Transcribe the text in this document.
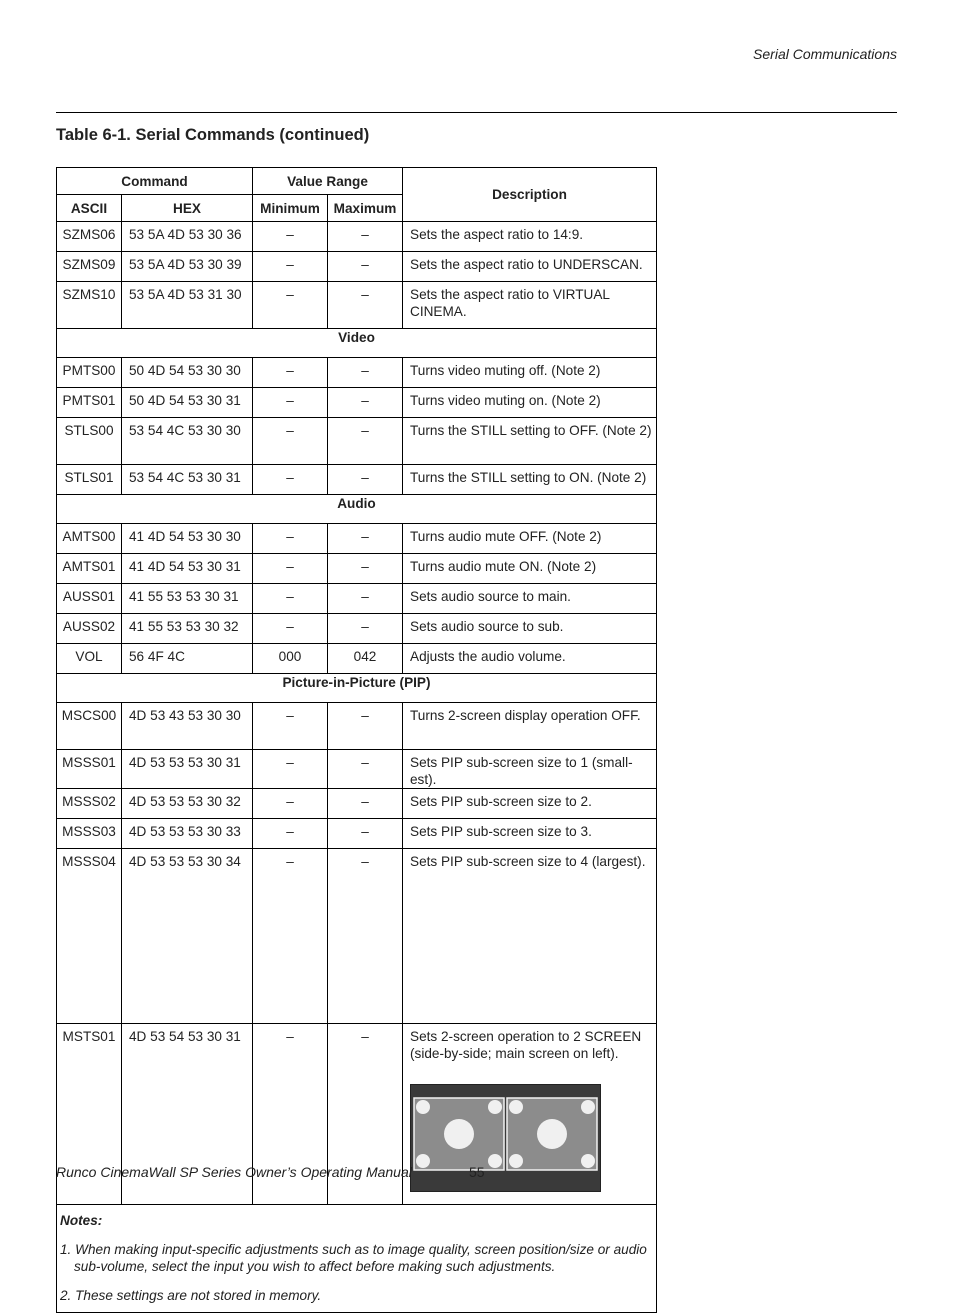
Serial Communications
Table 6-1. Serial Commands (continued)
Command		Value Range		Description
ASCII	HEX	Minimum	Maximum	

SZMS06	53 5A 4D 53 30 36	–	–	Sets the aspect ratio to 14:9.

SZMS09	53 5A 4D 53 30 39	–	–	Sets the aspect ratio to UNDERSCAN.

SZMS10	53 5A 4D 53 31 30	–	–	Sets the aspect ratio to VIRTUAL CINEMA.

Video				

PMTS00	50 4D 54 53 30 30	–	–	Turns video muting off. (Note 2)

PMTS01	50 4D 54 53 30 31	–	–	Turns video muting on. (Note 2)

STLS00	53 54 4C 53 30 30	–	–	Turns the STILL setting to OFF. (Note 2)

STLS01	53 54 4C 53 30 31	–	–	Turns the STILL setting to ON. (Note 2)

Audio				

AMTS00	41 4D 54 53 30 30	–	–	Turns audio mute OFF. (Note 2)

AMTS01	41 4D 54 53 30 31	–	–	Turns audio mute ON. (Note 2)

AUSS01	41 55 53 53 30 31	–	–	Sets audio source to main.

AUSS02	41 55 53 53 30 32	–	–	Sets audio source to sub.

VOL	56 4F 4C	000	042	Adjusts the audio volume.

Picture-in-Picture (PIP)				

MSCS00	4D 53 43 53 30 30	–	–	Turns 2-screen display operation OFF.

MSSS01	4D 53 53 53 30 31	–	–	Sets PIP sub-screen size to 1 (small-est).

MSSS02	4D 53 53 53 30 32	–	–	Sets PIP sub-screen size to 2.

MSSS03	4D 53 53 53 30 33	–	–	Sets PIP sub-screen size to 3.

MSSS04	4D 53 53 53 30 34	–	–	Sets PIP sub-screen size to 4 (largest).

MSTS01	4D 53 54 53 30 31	–	–	Sets 2-screen operation to 2 SCREEN (side-by-side; main screen on left).

Notes:
1. When making input-specific adjustments such as to image quality, screen position/size or audio sub-volume, select the input you wish to affect before making such adjustments.
2. These settings are not stored in memory.				
Runco CinemaWall SP Series Owner’s Operating Manual	55
